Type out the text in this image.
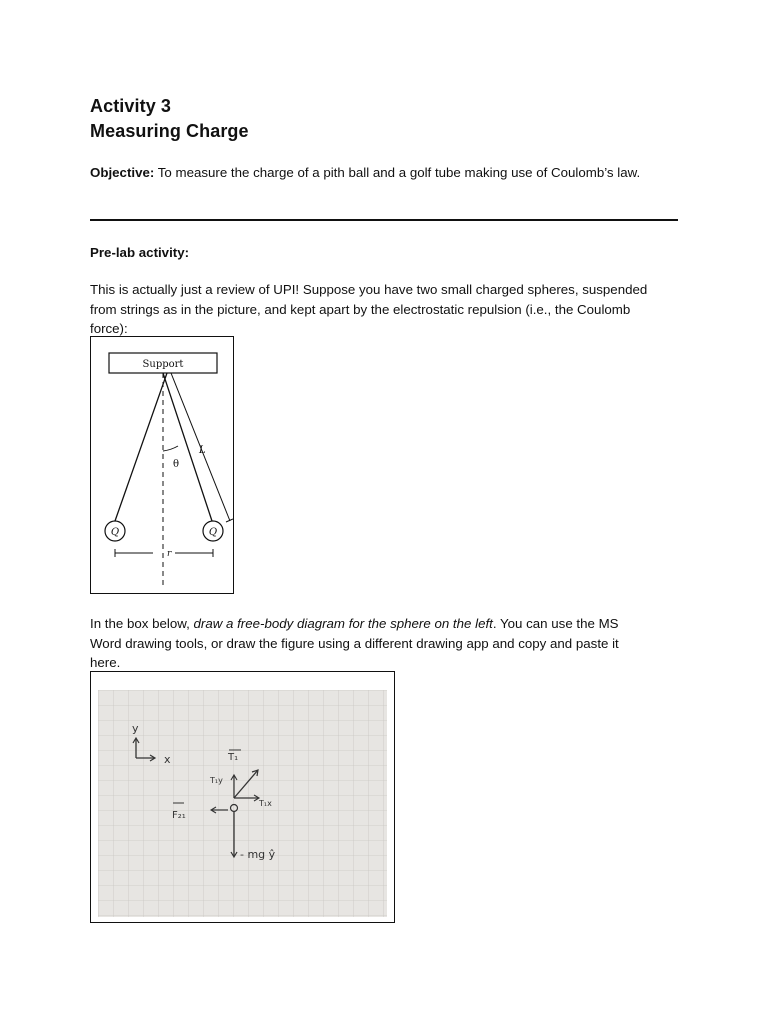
Activity 3
Measuring Charge
Objective: To measure the charge of a pith ball and a golf tube making use of Coulomb’s law.
Pre-lab activity:
This is actually just a review of UPI! Suppose you have two small charged spheres, suspended
from strings as in the picture, and kept apart by the electrostatic repulsion (i.e., the Coulomb
force):
Support
L
θ
Q	Q
r
In the box below, draw a free-body diagram for the sphere on the left. You can use the MS
Word drawing tools, or draw the figure using a different drawing app and copy and paste it
here.
y
x	T₁
T₁y
T₁x
F₂₁
- mg ŷ
